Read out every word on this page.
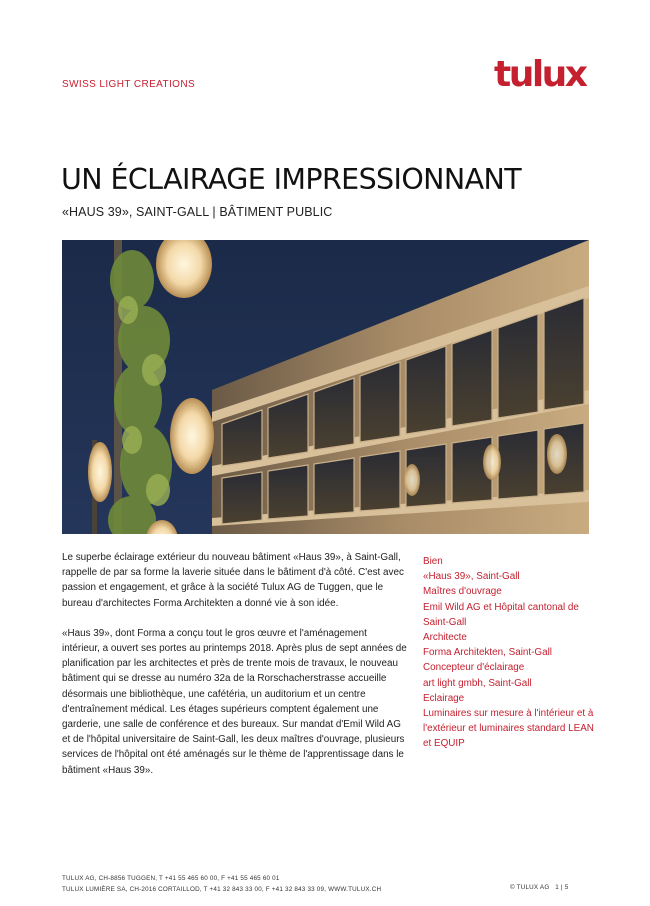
SWISS LIGHT CREATIONS	tulux
UN ÉCLAIRAGE IMPRESSIONNANT
«HAUS 39», SAINT-GALL | BÂTIMENT PUBLIC

Le superbe éclairage extérieur du nouveau bâtiment «Haus 39», à Saint-Gall, rappelle de par sa forme la laverie située dans le bâtiment d'à côté. C'est avec passion et engagement, et grâce à la société Tulux AG de Tuggen, que le bureau d'architectes Forma Architekten a donné vie à son idée.

«Haus 39», dont Forma a conçu tout le gros œuvre et l'aménagement intérieur, a ouvert ses portes au printemps 2018. Après plus de sept années de planification par les architectes et près de trente mois de travaux, le nouveau bâtiment qui se dresse au numéro 32a de la Rorschacherstrasse accueille désormais une bibliothèque, une cafétéria, un auditorium et un centre d'entraînement médical. Les étages supérieurs comptent également une garderie, une salle de conférence et des bureaux. Sur mandat d'Emil Wild AG et de l'hôpital universitaire de Saint-Gall, les deux maîtres d'ouvrage, plusieurs services de l'hôpital ont été aménagés sur le thème de l'apprentissage dans le bâtiment «Haus 39».

Bien
«Haus 39», Saint-Gall
Maîtres d'ouvrage
Emil Wild AG et Hôpital cantonal de Saint-Gall
Architecte
Forma Architekten, Saint-Gall
Concepteur d'éclairage
art light gmbh, Saint-Gall
Eclairage
Luminaires sur mesure à l'intérieur et à l'extérieur et luminaires standard LEAN et EQUIP
TULUX AG, CH-8856 TUGGEN, T +41 55 465 60 00, F +41 55 465 60 01
TULUX LUMIÈRE SA, CH-2016 CORTAILLOD, T +41 32 843 33 00, F +41 32 843 33 09, WWW.TULUX.CH	© TULUX AG 1 | 5
